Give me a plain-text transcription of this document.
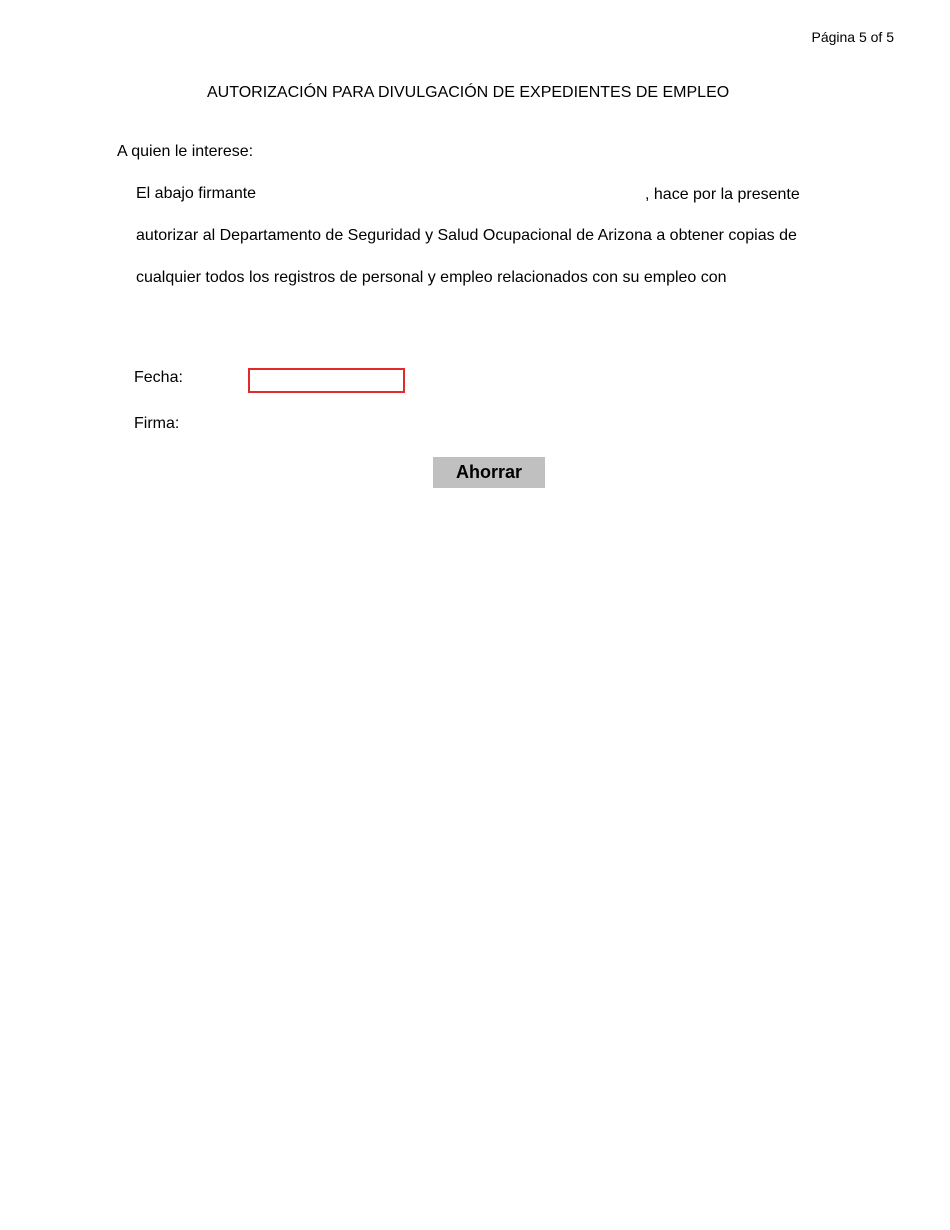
Página 5 of 5
AUTORIZACIÓN PARA DIVULGACIÓN DE EXPEDIENTES DE EMPLEO
A quien le interese:
El abajo firmante	, hace por la presente
autorizar al Departamento de Seguridad y Salud Ocupacional de Arizona a obtener copias de
cualquier todos los registros de personal y empleo relacionados con su empleo con
Fecha:
Firma:
Ahorrar
